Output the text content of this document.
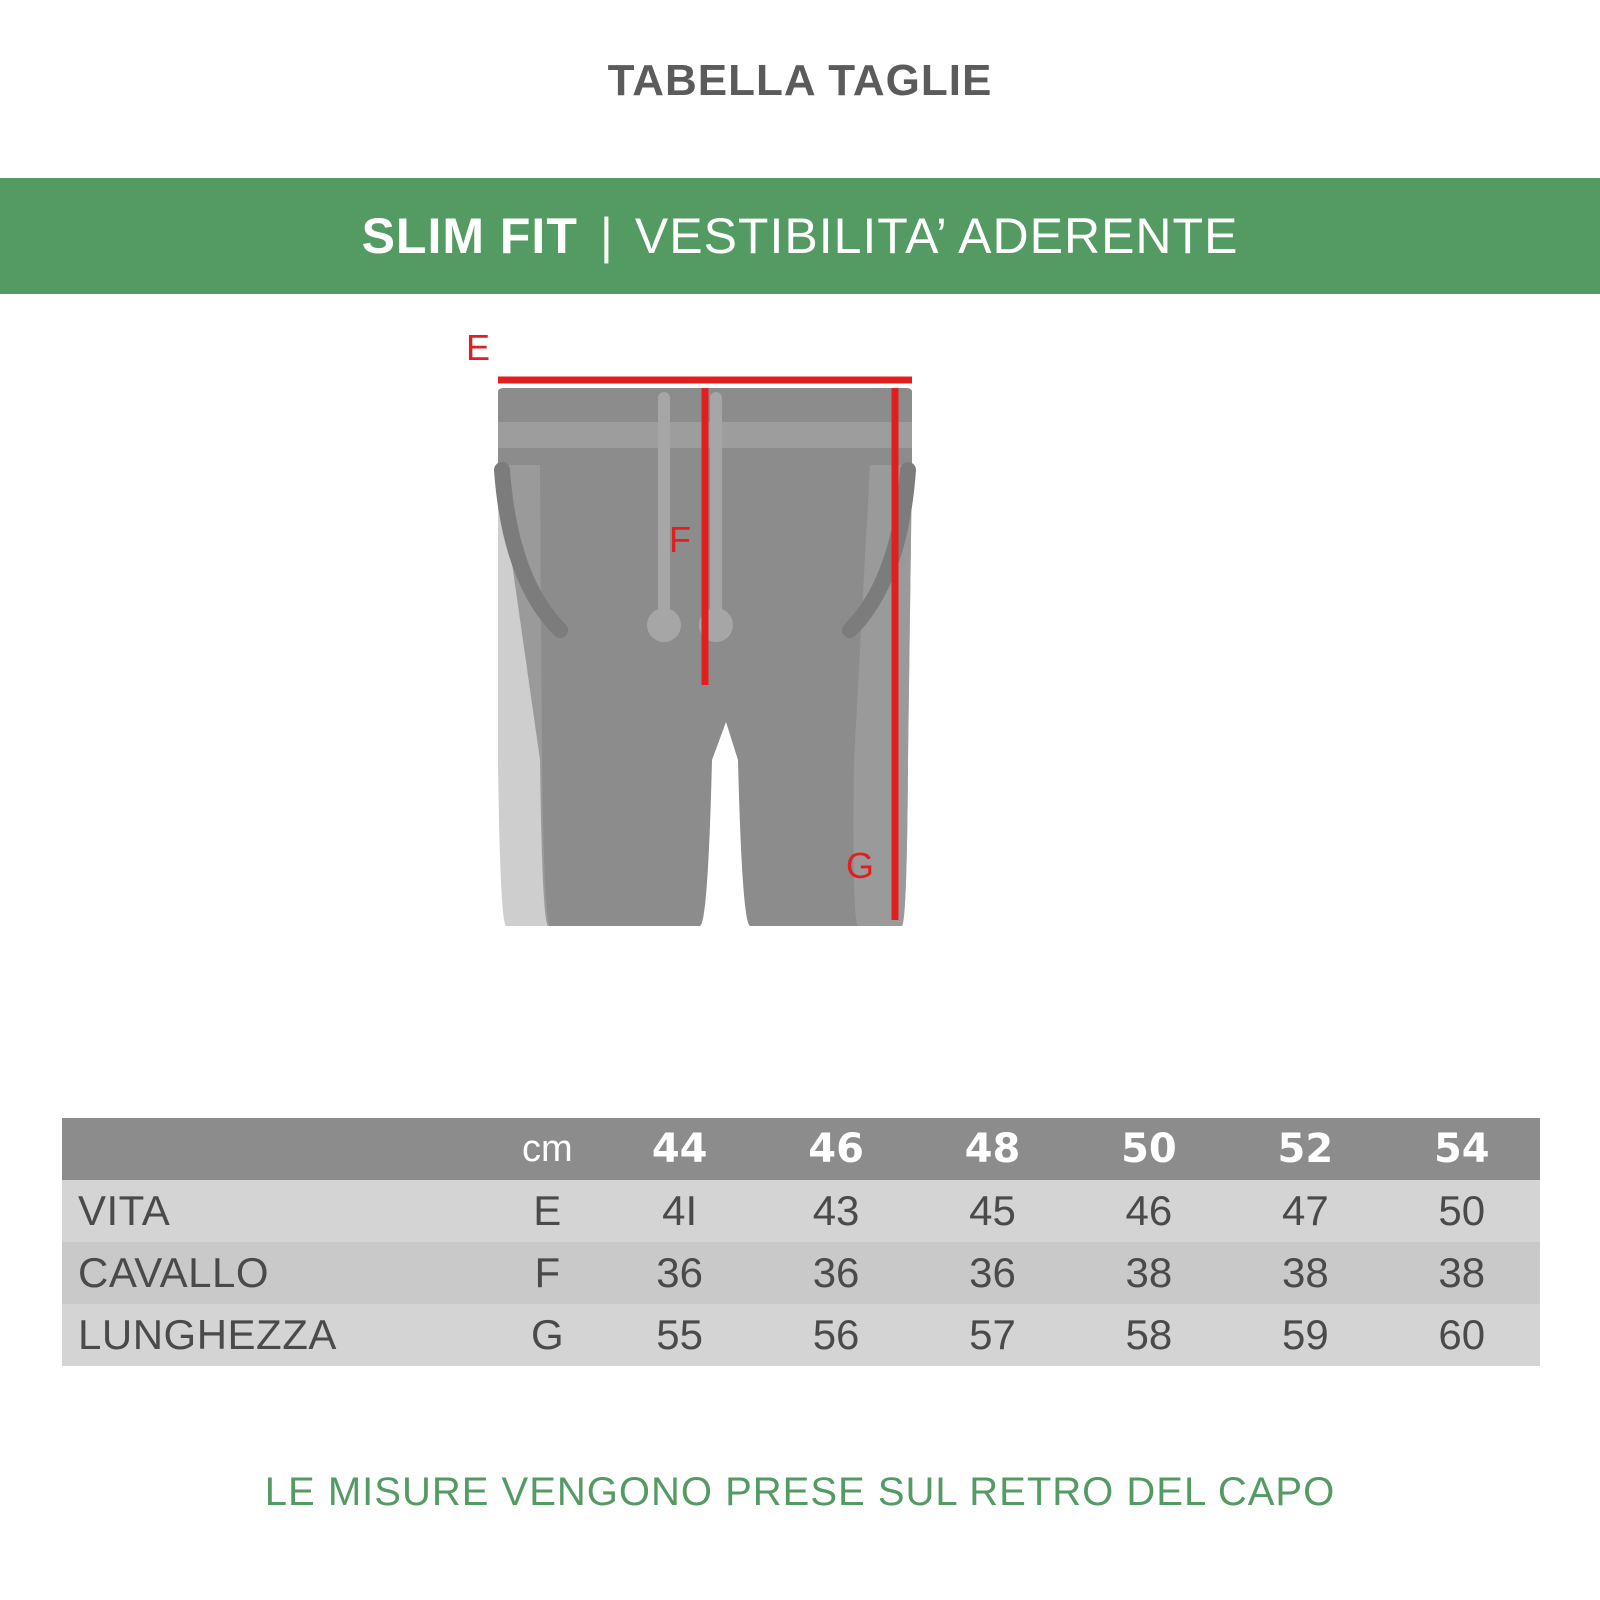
TABELLA TAGLIE
SLIM FIT | VESTIBILITA’ ADERENTE
E
F
G
	cm	44	46	48	50	52	54
VITA	E	4I	43	45	46	47	50
CAVALLO	F	36	36	36	38	38	38
LUNGHEZZA	G	55	56	57	58	59	60
LE MISURE VENGONO PRESE SUL RETRO DEL CAPO
